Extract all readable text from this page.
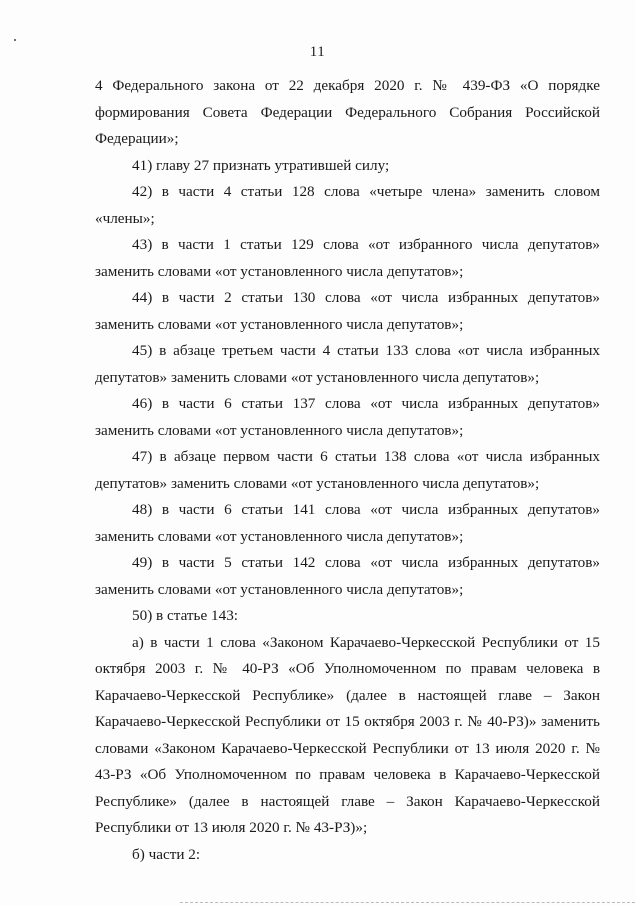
11

4 Федерального закона от 22 декабря 2020 г. № 439-ФЗ «О порядке формирования Совета Федерации Федерального Собрания Российской Федерации»;

41) главу 27 признать утратившей силу;

42) в части 4 статьи 128 слова «четыре члена» заменить словом «члены»;

43) в части 1 статьи 129 слова «от избранного числа депутатов» заменить словами «от установленного числа депутатов»;

44) в части 2 статьи 130 слова «от числа избранных депутатов» заменить словами «от установленного числа депутатов»;

45) в абзаце третьем части 4 статьи 133 слова «от числа избранных депутатов» заменить словами «от установленного числа депутатов»;

46) в части 6 статьи 137 слова «от числа избранных депутатов» заменить словами «от установленного числа депутатов»;

47) в абзаце первом части 6 статьи 138 слова «от числа избранных депутатов» заменить словами «от установленного числа депутатов»;

48) в части 6 статьи 141 слова «от числа избранных депутатов» заменить словами «от установленного числа депутатов»;

49) в части 5 статьи 142 слова «от числа избранных депутатов» заменить словами «от установленного числа депутатов»;

50) в статье 143:

а) в части 1 слова «Законом Карачаево-Черкесской Республики от 15 октября 2003 г. № 40-РЗ «Об Уполномоченном по правам человека в Карачаево-Черкесской Республике» (далее в настоящей главе – Закон Карачаево-Черкесской Республики от 15 октября 2003 г. № 40-РЗ)» заменить словами «Законом Карачаево-Черкесской Республики от 13 июля 2020 г. № 43-РЗ «Об Уполномоченном по правам человека в Карачаево-Черкесской Республике» (далее в настоящей главе – Закон Карачаево-Черкесской Республики от 13 июля 2020 г. № 43-РЗ)»;

б) части 2:
